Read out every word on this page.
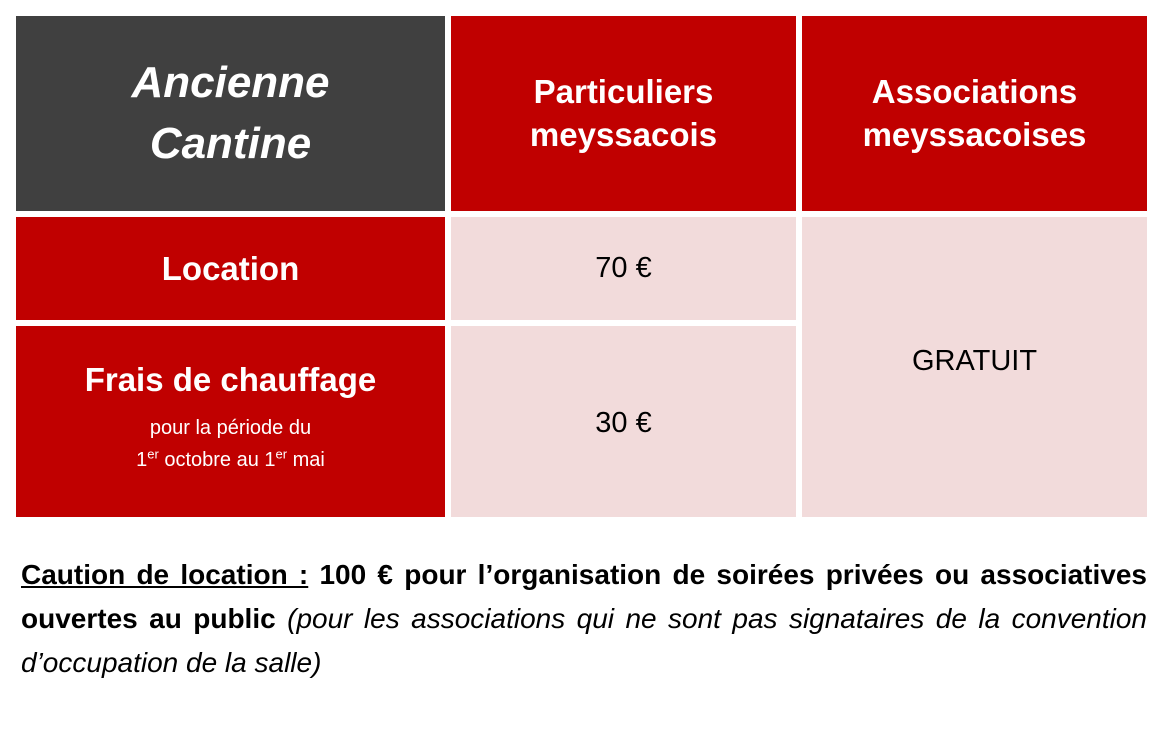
Ancienne
Cantine
Particuliers
meyssacois
Associations
meyssacoises
Location	70 €
Frais de chauffage
pour la période du
1er octobre au 1er mai
30 €
GRATUIT
Caution de location : 100 € pour l’organisation de soirées privées ou associatives ouvertes au public (pour les associations qui ne sont pas signataires de la convention d’occupation de la salle)
